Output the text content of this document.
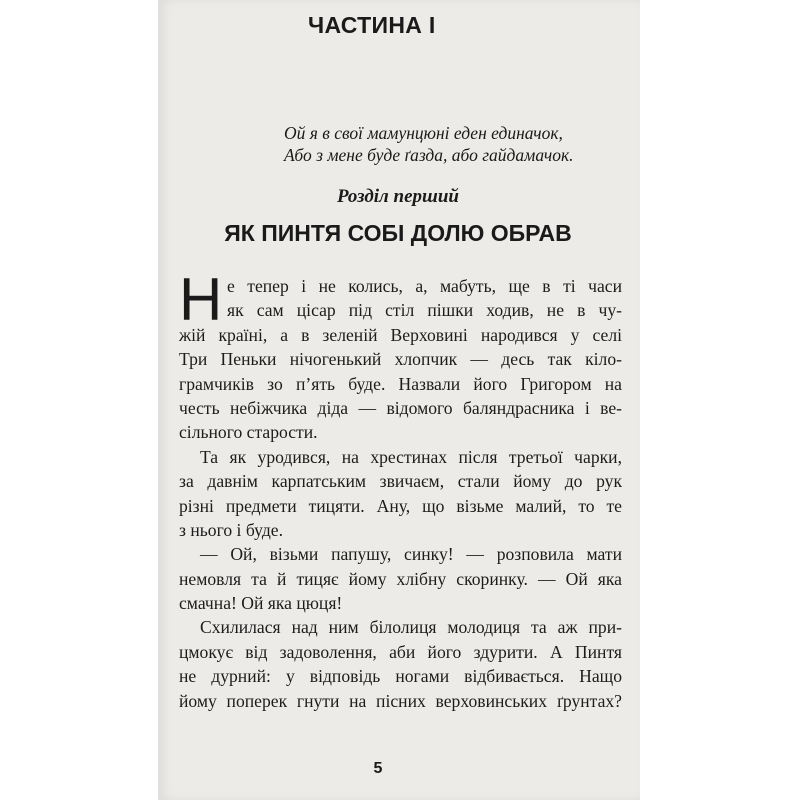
ЧАСТИНА І
Ой я в свої мамунцюні еден единачок,
Або з мене буде ґазда, або гайдамачок.
Розділ перший
ЯК ПИНТЯ СОБІ ДОЛЮ ОБРАВ
Н е тепер і не колись, а, мабуть, ще в ті часи
як сам цісар під стіл пішки ходив, не в чу-
жій країні, а в зеленій Верховині народився у селі
Три Пеньки нічогенький хлопчик — десь так кіло-
грамчиків зо п’ять буде. Назвали його Григором на
честь небіжчика діда — відомого баляндрасника і ве-
сільного старости.
Та як уродився, на хрестинах після третьої чарки,
за давнім карпатським звичаєм, стали йому до рук
різні предмети тицяти. Ану, що візьме малий, то те
з нього і буде.
— Ой, візьми папушу, синку! — розповила мати
немовля та й тицяє йому хлібну скоринку. — Ой яка
смачна! Ой яка цюця!
Схилилася над ним білолиця молодиця та аж при-
цмокує від задоволення, аби його здурити. А Пинтя
не дурний: у відповідь ногами відбивається. Нащо
йому поперек гнути на пісних верховинських ґрунтах?
5
